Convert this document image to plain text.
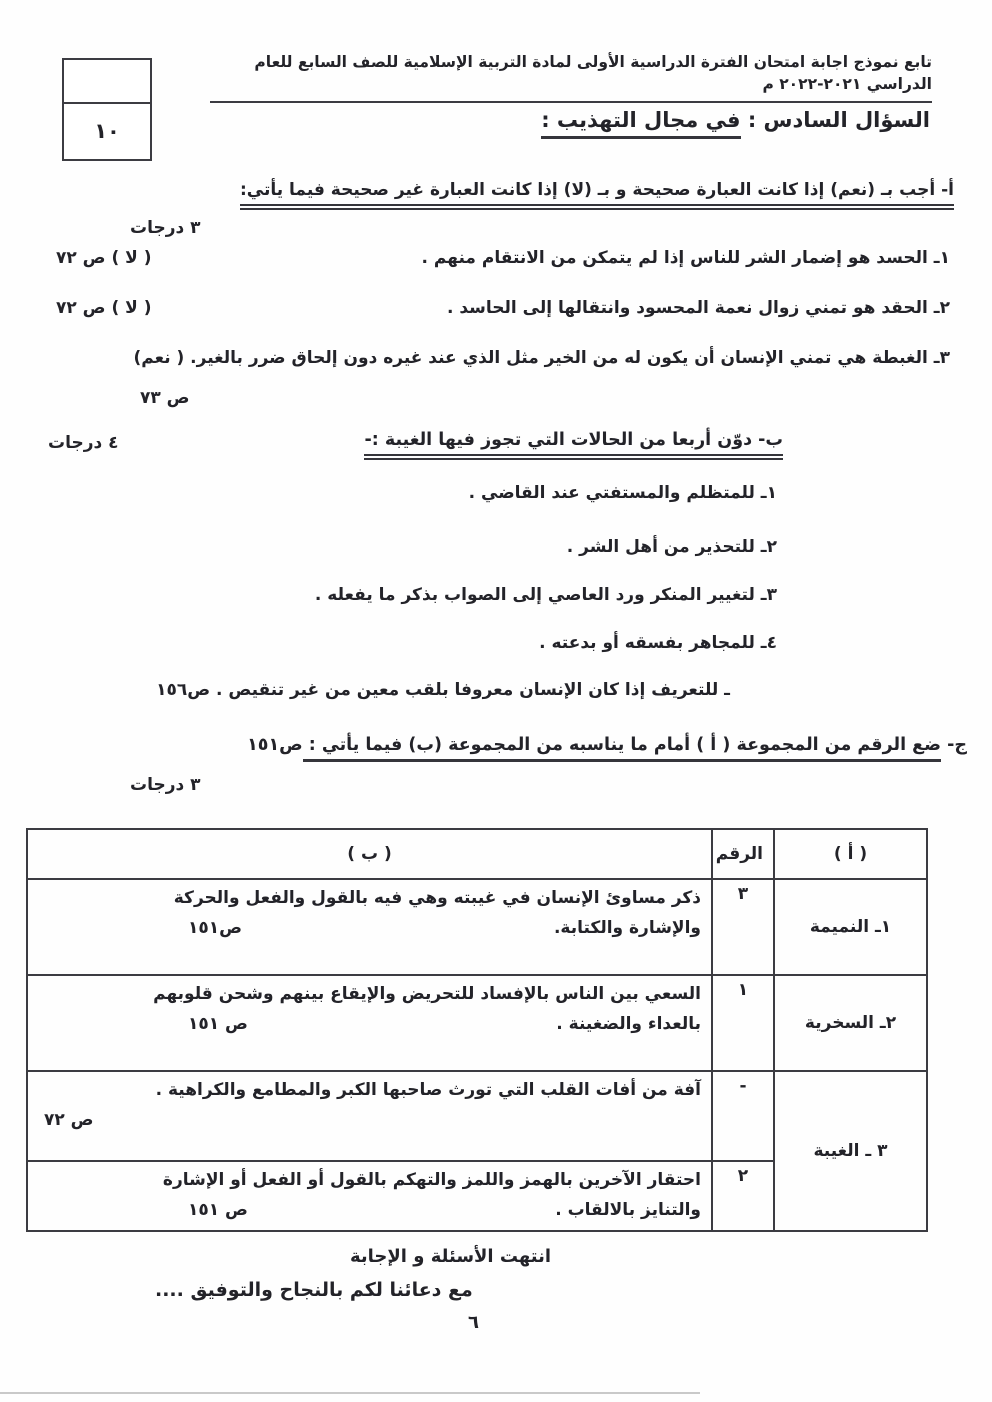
تابع نموذج اجابة امتحان الفترة الدراسية الأولى لمادة التربية الإسلامية للصف السابع للعام الدراسي ٢٠٢١-٢٠٢٢ م
١٠	السؤال السادس : في مجال التهذيب :
أ- أجب بـ (نعم) إذا كانت العبارة صحيحة و بـ (لا) إذا كانت العبارة غير صحيحة فيما يأتي:
٣ درجات
١ـ الحسد هو إضمار الشر للناس إذا لم يتمكن من الانتقام منهم .
( لا ) ص ٧٢
٢ـ الحقد هو تمني زوال نعمة المحسود وانتقالها إلى الحاسد .
( لا ) ص ٧٢
٣ـ الغبطة هي تمني الإنسان أن يكون له من الخير مثل الذي عند غيره دون إلحاق ضرر بالغير. ( نعم)
ص ٧٣
ب- دوّن أربعا من الحالات التي تجوز فيها الغيبة :-
٤ درجات
١ـ للمتظلم والمستفتي عند القاضي .
٢ـ للتحذير من أهل الشر .
٣ـ لتغيير المنكر ورد العاصي إلى الصواب بذكر ما يفعله .
٤ـ للمجاهر بفسقه أو بدعته .
ـ للتعريف إذا كان الإنسان معروفا بلقب معين من غير تنقيص . ص١٥٦
ج- ضع الرقم من المجموعة ( أ ) أمام ما يناسبه من المجموعة (ب) فيما يأتي : ص١٥١
٣ درجات
( أ )	الرقم	( ب )
١ـ النميمة	٣	ذكر مساوئ الإنسان في غيبته وهي فيه بالقول والفعل والحركة
والإشارة والكتابة.
ص١٥١

٢ـ السخرية	١	السعي بين الناس بالإفساد للتحريض والإيقاع بينهم وشحن قلوبهم
بالعداء والضغينة .
ص ١٥١

٣ ـ الغيبة	-	آفة من أفات القلب التي تورث صاحبها الكبر والمطامع والكراهية .
ص ٧٢

	٢	احتقار الآخرين بالهمز واللمز والتهكم بالقول أو الفعل أو الإشارة
والتنايز بالالقاب .
ص ١٥١
انتهت الأسئلة و الإجابة
مع دعائنا لكم بالنجاح والتوفيق ....
٦
